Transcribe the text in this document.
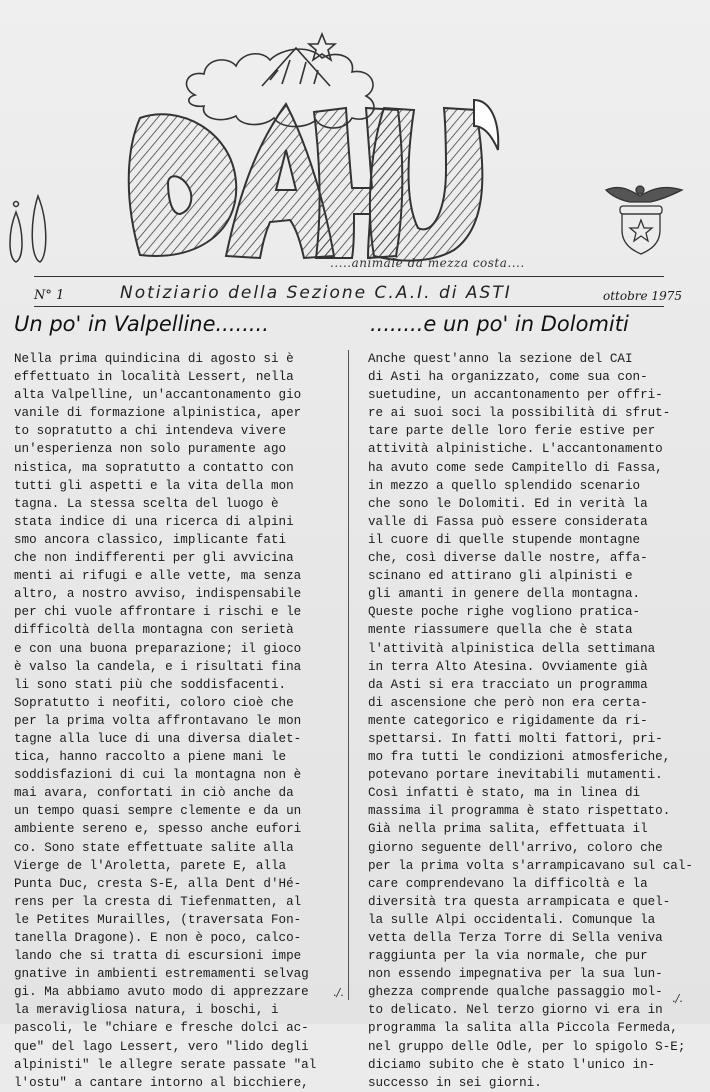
.....animale da mezza costa....
N° 1	Notiziario della Sezione C.A.I. di ASTI	ottobre 1975
Un po' in Valpelline........	........e un po' in Dolomiti
Nella prima quindicina di agosto si è
effettuato in località Lessert, nella
alta Valpelline, un'accantonamento gio
vanile di formazione alpinistica, aper
to sopratutto a chi intendeva vivere
un'esperienza non solo puramente ago
nistica, ma sopratutto a contatto con
tutti gli aspetti e la vita della mon
tagna. La stessa scelta del luogo è
stata indice di una ricerca di alpini
smo ancora classico, implicante fati
che non indifferenti per gli avvicina
menti ai rifugi e alle vette, ma senza
altro, a nostro avviso, indispensabile
per chi vuole affrontare i rischi e le
difficoltà della montagna con serietà
e con una buona preparazione; il gioco
è valso la candela, e i risultati fina
li sono stati più che soddisfacenti.
Sopratutto i neofiti, coloro cioè che
per la prima volta affrontavano le mon
tagne alla luce di una diversa dialet-
tica, hanno raccolto a piene mani le
soddisfazioni di cui la montagna non è
mai avara, confortati in ciò anche da
un tempo quasi sempre clemente e da un
ambiente sereno e, spesso anche eufori
co. Sono state effettuate salite alla
Vierge de l'Aroletta, parete E, alla
Punta Duc, cresta S-E, alla Dent d'Hé-
rens per la cresta di Tiefenmatten, al
le Petites Murailles, (traversata Fon-
tanella Dragone). E non è poco, calco-
lando che si tratta di escursioni impe
gnative in ambienti estremamenti selvag
gi. Ma abbiamo avuto modo di apprezzare
la meravigliosa natura, i boschi, i
pascoli, le "chiare e fresche dolci ac-
que" del lago Lessert, vero "lido degli
alpinisti" le allegre serate passate "al
l'ostu" a cantare intorno al bicchiere,
Anche quest'anno la sezione del CAI
di Asti ha organizzato, come sua con-
suetudine, un accantonamento per offri-
re ai suoi soci la possibilità di sfrut-
tare parte delle loro ferie estive per
attività alpinistiche. L'accantonamento
ha avuto come sede Campitello di Fassa,
in mezzo a quello splendido scenario
che sono le Dolomiti. Ed in verità la
valle di Fassa può essere considerata
il cuore di quelle stupende montagne
che, così diverse dalle nostre, affa-
scinano ed attirano gli alpinisti e
gli amanti in genere della montagna.
Queste poche righe vogliono pratica-
mente riassumere quella che è stata
l'attività alpinistica della settimana
in terra Alto Atesina. Ovviamente già
da Asti si era tracciato un programma
di ascensione che però non era certa-
mente categorico e rigidamente da ri-
spettarsi. In fatti molti fattori, pri-
mo fra tutti le condizioni atmosferiche,
potevano portare inevitabili mutamenti.
Così infatti è stato, ma in linea di
massima il programma è stato rispettato.
Già nella prima salita, effettuata il
giorno seguente dell'arrivo, coloro che
per la prima volta s'arrampicavano sul cal-
care comprendevano la difficoltà e la
diversità tra questa arrampicata e quel-
la sulle Alpi occidentali. Comunque la
vetta della Terza Torre di Sella veniva
raggiunta per la via normale, che pur
non essendo impegnativa per la sua lun-
ghezza comprende qualche passaggio mol-
to delicato. Nel terzo giorno vi era in
programma la salita alla Piccola Fermeda,
nel gruppo delle Odle, per lo spigolo S-E;
diciamo subito che è stato l'unico in-
successo in sei giorni.
./.	./.
